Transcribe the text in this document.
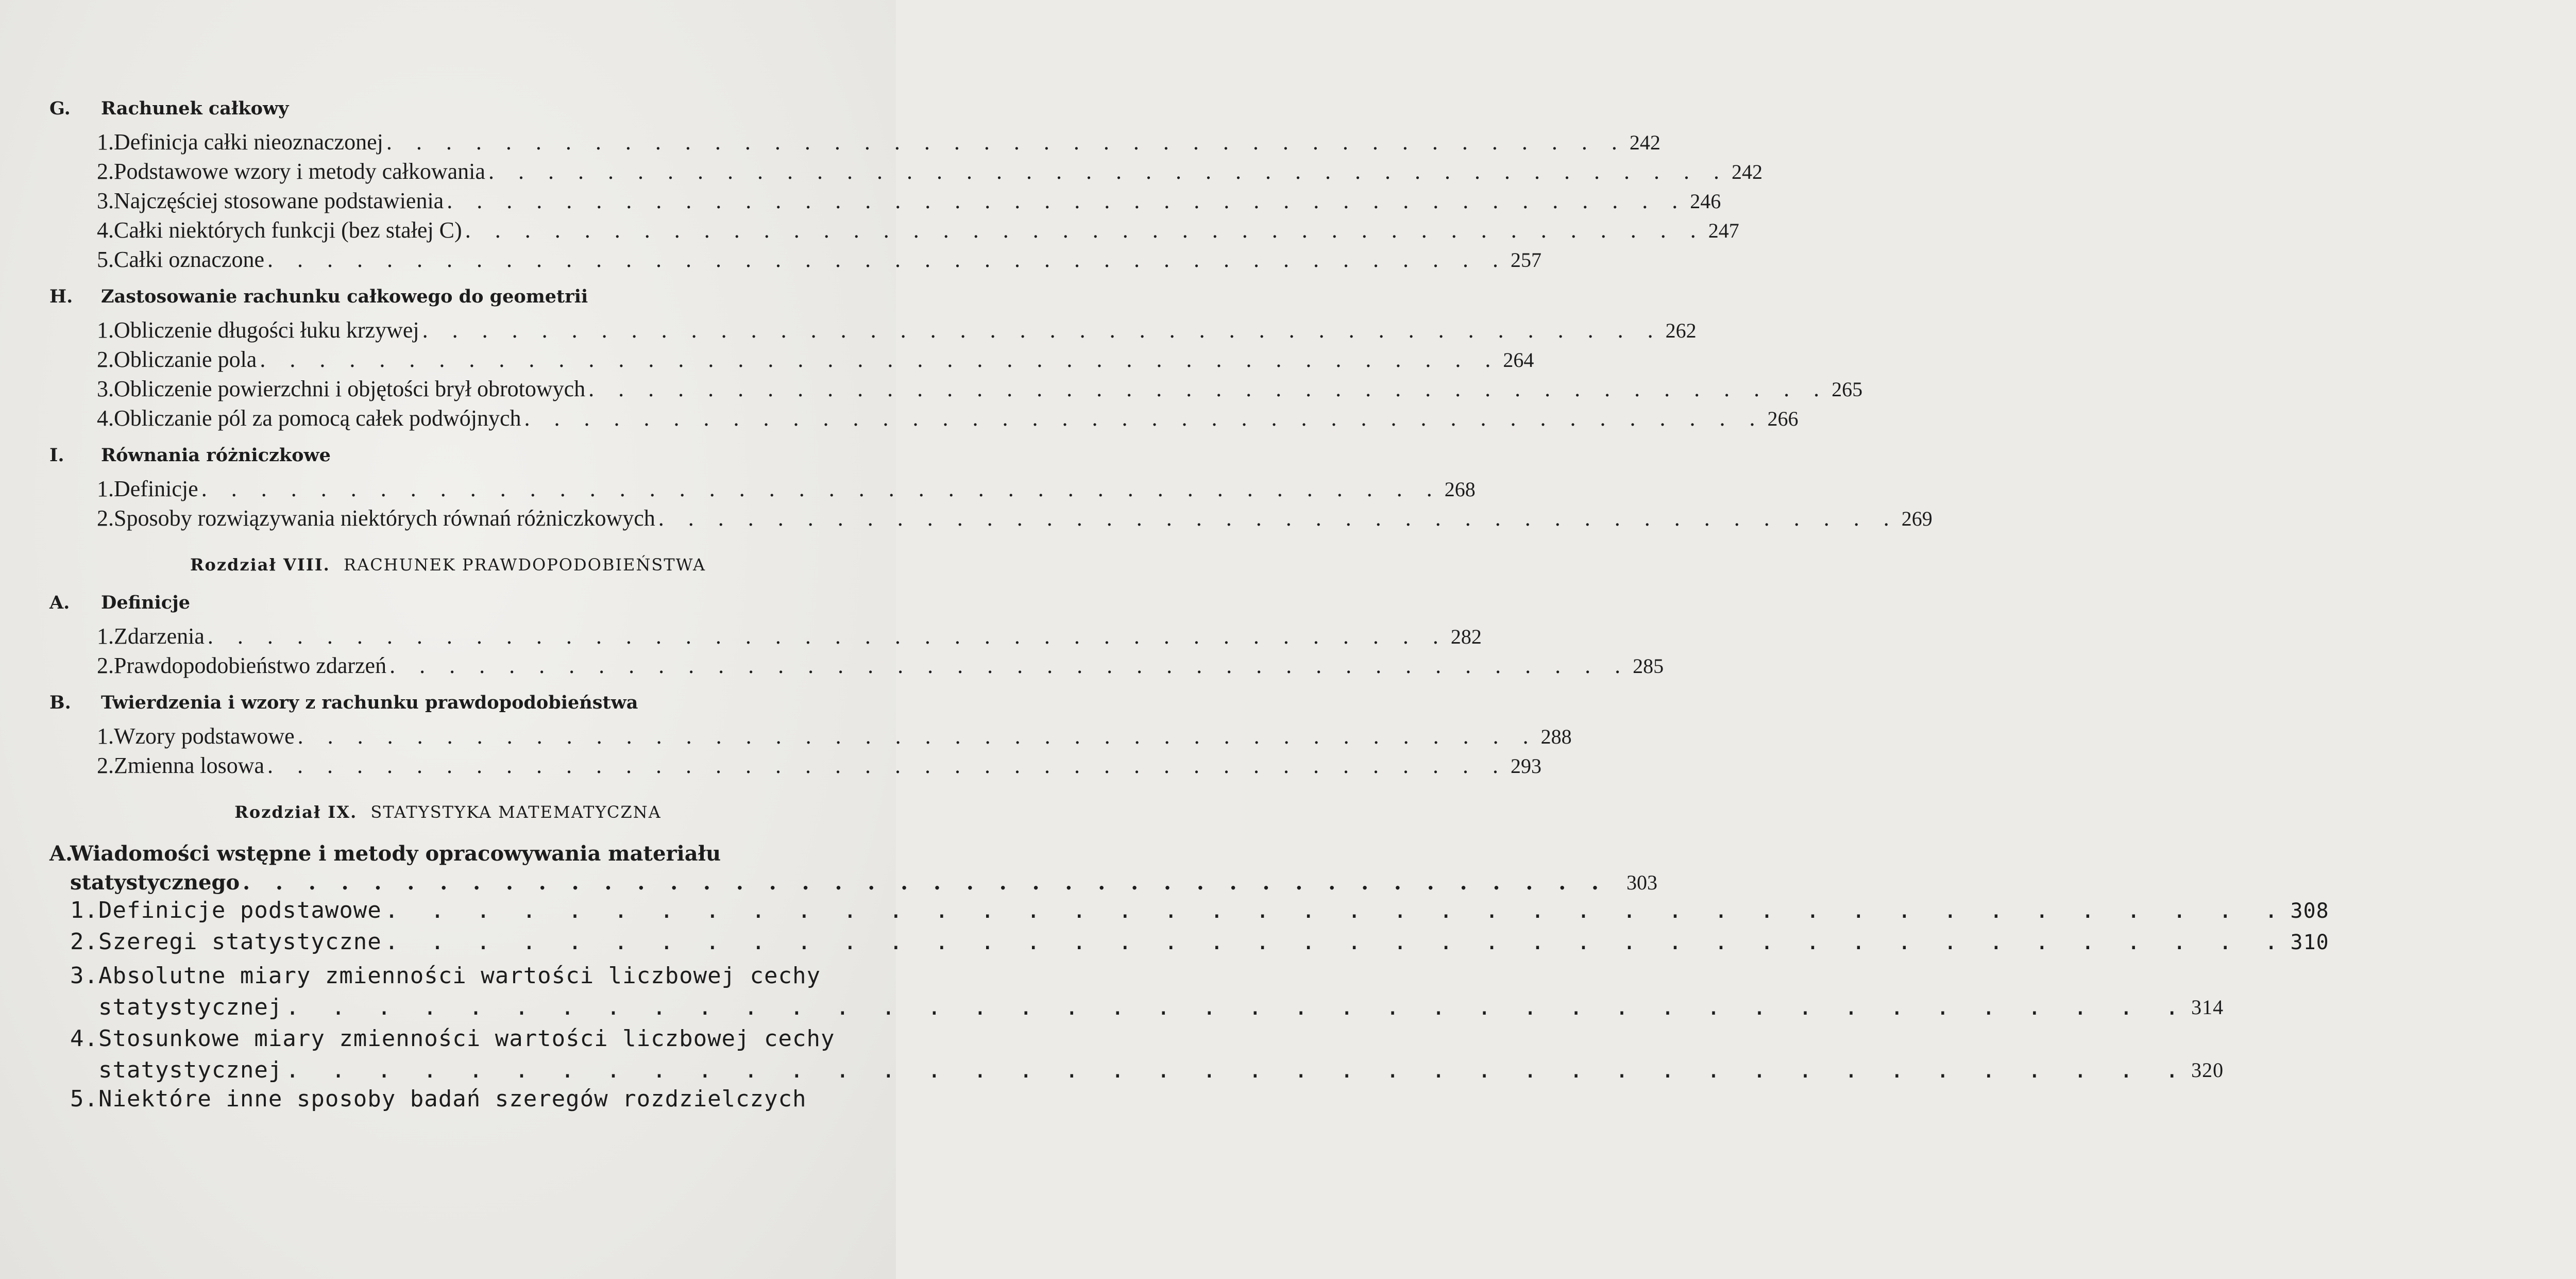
G.	Rachunek całkowy
1. Definicja całki nieoznaczonej . . .	242
2. Podstawowe wzory i metody całkowania . . .	242
3. Najczęściej stosowane podstawienia . . .	246
4. Całki niektórych funkcji (bez stałej C) . . .	247
5. Całki oznaczone . . .	257
H.	Zastosowanie rachunku całkowego do geometrii
1. Obliczenie długości łuku krzywej . . .	262
2. Obliczanie pola . . .	264
3. Obliczenie powierzchni i objętości brył obrotowych . . .	265
4. Obliczanie pól za pomocą całek podwójnych . . .	266
I.	Równania różniczkowe
1. Definicje . . .	268
2. Sposoby rozwiązywania niektórych równań różniczkowych . . .	269
Rozdział VIII. RACHUNEK PRAWDOPODOBIEŃSTWA
A.	Definicje
1. Zdarzenia . . .	282
2. Prawdopodobieństwo zdarzeń . . .	285
B.	Twierdzenia i wzory z rachunku prawdopodobieństwa
1. Wzory podstawowe . . .	288
2. Zmienna losowa . . .	293
Rozdział IX. STATYSTYKA MATEMATYCZNA
A.
Wiadomości wstępne i metody opracowywania materiału
statystycznego . . .	303
1. Definicje podstawowe . . .	308
2. Szeregi statystyczne . . .	310
3. Absolutne miary zmienności wartości liczbowej cechy
statystycznej . . .	314
4. Stosunkowe miary zmienności wartości liczbowej cechy
statystycznej . . .	320
5. Niektóre inne sposoby badań szeregów rozdzielczych
